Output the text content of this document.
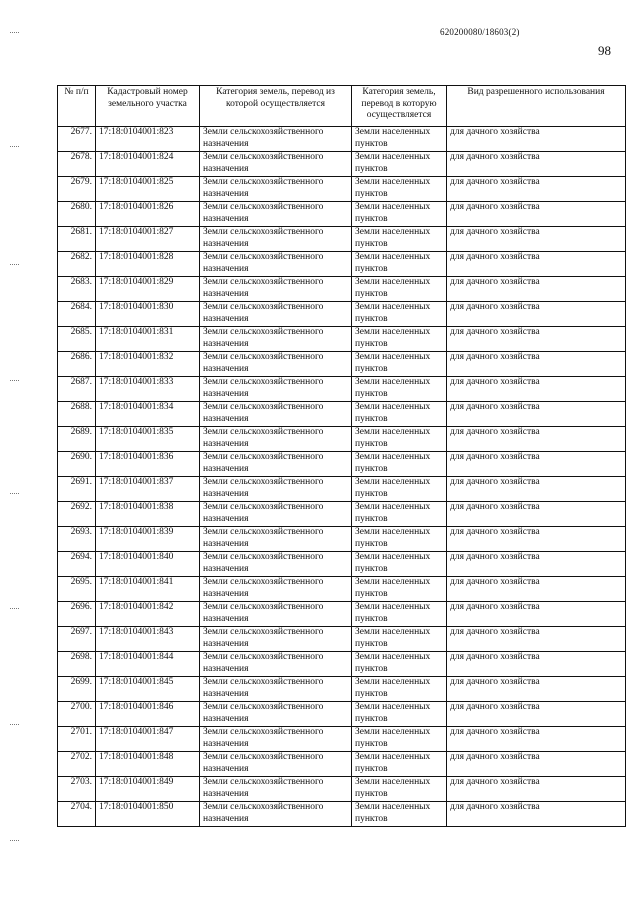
620200080/18603(2)
98
№ п/п	Кадастровый номер земельного участка	Категория земель, перевод из которой осуществляется	Категория земель, перевод в которую осуществляется	Вид разрешенного использования
2677.	17:18:0104001:823	Земли сельскохозяйственного назначения	Земли населенных пунктов	для дачного хозяйства
2678.	17:18:0104001:824	Земли сельскохозяйственного назначения	Земли населенных пунктов	для дачного хозяйства
2679.	17:18:0104001:825	Земли сельскохозяйственного назначения	Земли населенных пунктов	для дачного хозяйства
2680.	17:18:0104001:826	Земли сельскохозяйственного назначения	Земли населенных пунктов	для дачного хозяйства
2681.	17:18:0104001:827	Земли сельскохозяйственного назначения	Земли населенных пунктов	для дачного хозяйства
2682.	17:18:0104001:828	Земли сельскохозяйственного назначения	Земли населенных пунктов	для дачного хозяйства
2683.	17:18:0104001:829	Земли сельскохозяйственного назначения	Земли населенных пунктов	для дачного хозяйства
2684.	17:18:0104001:830	Земли сельскохозяйственного назначения	Земли населенных пунктов	для дачного хозяйства
2685.	17:18:0104001:831	Земли сельскохозяйственного назначения	Земли населенных пунктов	для дачного хозяйства
2686.	17:18:0104001:832	Земли сельскохозяйственного назначения	Земли населенных пунктов	для дачного хозяйства
2687.	17:18:0104001:833	Земли сельскохозяйственного назначения	Земли населенных пунктов	для дачного хозяйства
2688.	17:18:0104001:834	Земли сельскохозяйственного назначения	Земли населенных пунктов	для дачного хозяйства
2689.	17:18:0104001:835	Земли сельскохозяйственного назначения	Земли населенных пунктов	для дачного хозяйства
2690.	17:18:0104001:836	Земли сельскохозяйственного назначения	Земли населенных пунктов	для дачного хозяйства
2691.	17:18:0104001:837	Земли сельскохозяйственного назначения	Земли населенных пунктов	для дачного хозяйства
2692.	17:18:0104001:838	Земли сельскохозяйственного назначения	Земли населенных пунктов	для дачного хозяйства
2693.	17:18:0104001:839	Земли сельскохозяйственного назначения	Земли населенных пунктов	для дачного хозяйства
2694.	17:18:0104001:840	Земли сельскохозяйственного назначения	Земли населенных пунктов	для дачного хозяйства
2695.	17:18:0104001:841	Земли сельскохозяйственного назначения	Земли населенных пунктов	для дачного хозяйства
2696.	17:18:0104001:842	Земли сельскохозяйственного назначения	Земли населенных пунктов	для дачного хозяйства
2697.	17:18:0104001:843	Земли сельскохозяйственного назначения	Земли населенных пунктов	для дачного хозяйства
2698.	17:18:0104001:844	Земли сельскохозяйственного назначения	Земли населенных пунктов	для дачного хозяйства
2699.	17:18:0104001:845	Земли сельскохозяйственного назначения	Земли населенных пунктов	для дачного хозяйства
2700.	17:18:0104001:846	Земли сельскохозяйственного назначения	Земли населенных пунктов	для дачного хозяйства
2701.	17:18:0104001:847	Земли сельскохозяйственного назначения	Земли населенных пунктов	для дачного хозяйства
2702.	17:18:0104001:848	Земли сельскохозяйственного назначения	Земли населенных пунктов	для дачного хозяйства
2703.	17:18:0104001:849	Земли сельскохозяйственного назначения	Земли населенных пунктов	для дачного хозяйства
2704.	17:18:0104001:850	Земли сельскохозяйственного назначения	Земли населенных пунктов	для дачного хозяйства
